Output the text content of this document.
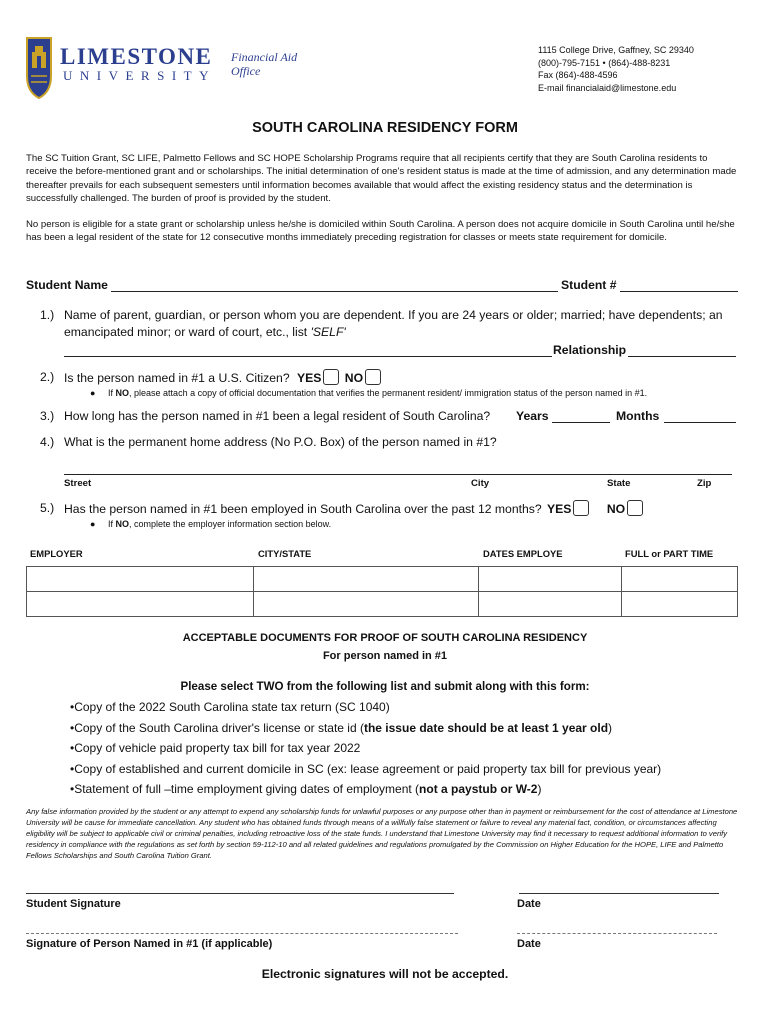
LIMESTONE
UNIVERSITY
Financial Aid
Office
1115 College Drive, Gaffney, SC 29340
(800)-795-7151 • (864)-488-8231
Fax (864)-488-4596
E-mail financialaid@limestone.edu
SOUTH CAROLINA RESIDENCY FORM
The SC Tuition Grant, SC LIFE, Palmetto Fellows and SC HOPE Scholarship Programs require that all recipients certify that they are South Carolina residents to receive the before-mentioned grant and or scholarships. The initial determination of one's resident status is made at the time of admission, and any determination made thereafter prevails for each subsequent semesters until information becomes available that would affect the existing residency status and the determination is successfully challenged. The burden of proof is provided by the student.
No person is eligible for a state grant or scholarship unless he/she is domiciled within South Carolina. A person does not acquire domicile in South Carolina until he/she has been a legal resident of the state for 12 consecutive months immediately preceding registration for classes or meets state requirement for domicile.
Student Name	Student #
1.) Name of parent, guardian, or person whom you are dependent. If you are 24 years or older; married; have dependents; an emancipated minor; or ward of court, etc., list 'SELF'
Relationship
2.) Is the person named in #1 a U.S. Citizen? YES NO
● If NO, please attach a copy of official documentation that verifies the permanent resident/ immigration status of the person named in #1.
3.) How long has the person named in #1 been a legal resident of South Carolina? Years	Months
4.) What is the permanent home address (No P.O. Box) of the person named in #1?
Street	City	State	Zip
5.) Has the person named in #1 been employed in South Carolina over the past 12 months? YES	NO
● If NO, complete the employer information section below.
EMPLOYER	CITY/STATE	DATES EMPLOYE	FULL or PART TIME

ACCEPTABLE DOCUMENTS FOR PROOF OF SOUTH CAROLINA RESIDENCY
For person named in #1
Please select TWO from the following list and submit along with this form:
•Copy of the 2022 South Carolina state tax return (SC 1040)
•Copy of the South Carolina driver's license or state id (the issue date should be at least 1 year old)
•Copy of vehicle paid property tax bill for tax year 2022
•Copy of established and current domicile in SC (ex: lease agreement or paid property tax bill for previous year)
•Statement of full –time employment giving dates of employment (not a paystub or W-2)
Any false information provided by the student or any attempt to expend any scholarship funds for unlawful purposes or any purpose other than in payment or reimbursement for the cost of attendance at Limestone University will be cause for immediate cancellation. Any student who has obtained funds through means of a willfully false statement or failure to reveal any material fact, condition, or circumstances affecting eligibility will be subject to applicable civil or criminal penalties, including retroactive loss of the state funds. I understand that Limestone University may find it necessary to request additional information to verify residency in compliance with the regulations as set forth by section 59-112-10 and all related guidelines and regulations promulgated by the Commission on Higher Education for the HOPE, LIFE and Palmetto Fellows Scholarships and South Carolina Tuition Grant.
Student Signature	Date
Signature of Person Named in #1 (if applicable)	Date
Electronic signatures will not be accepted.
